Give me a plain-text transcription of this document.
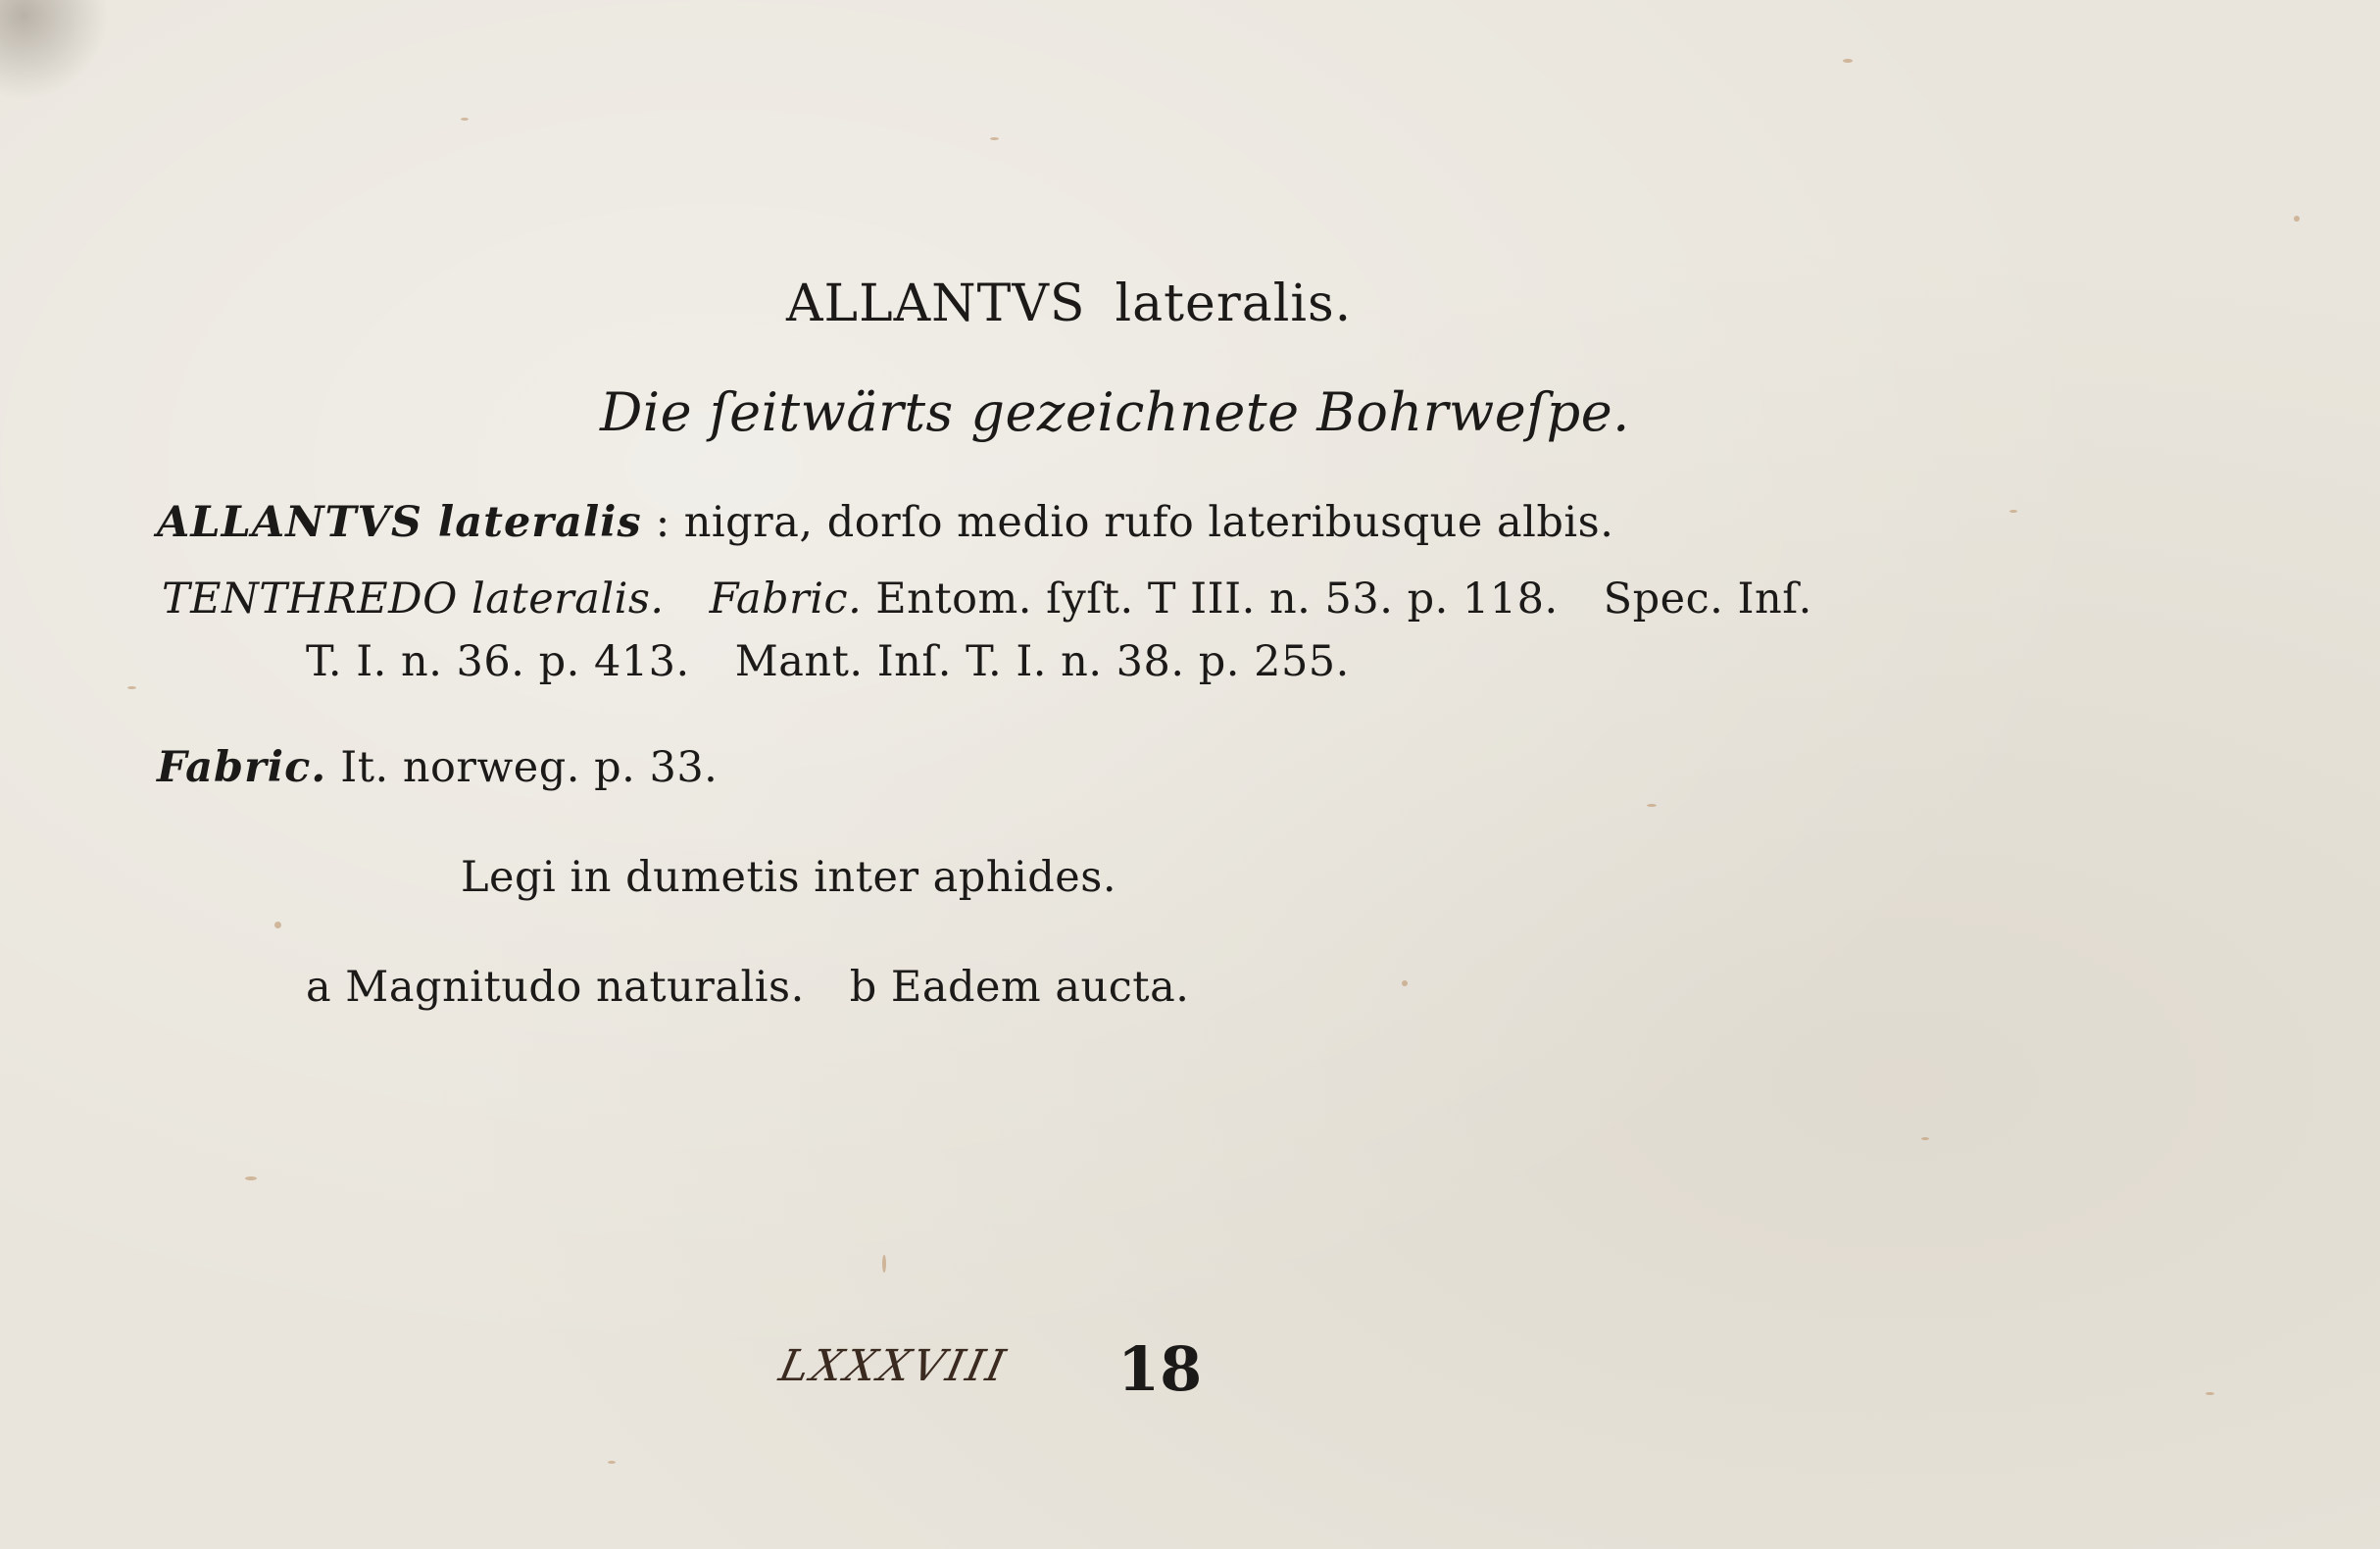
ALLANTVS lateralis.
Die ſeitwärts gezeichnete Bohrweſpe.
ALLANTVS lateralis : nigra, dorſo medio rufo lateribusque albis.
TENTHREDO lateralis. Fabric. Entom. ſyſt. T III. n. 53. p. 118. Spec. Inſ.
T. I. n. 36. p. 413. Mant. Inſ. T. I. n. 38. p. 255.
Fabric. It. norweg. p. 33.
Legi in dumetis inter aphides.
a Magnitudo naturalis. b Eadem aucta.
LXXXVIII 18
